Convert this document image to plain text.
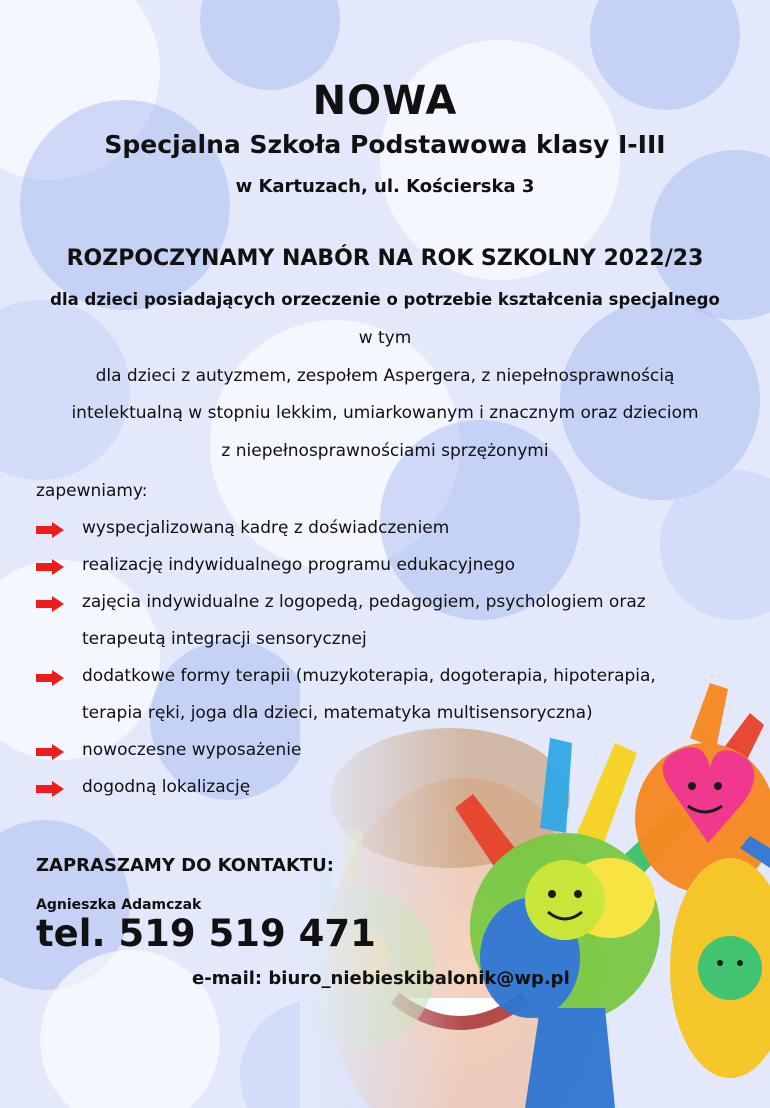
NOWA
Specjalna Szkoła Podstawowa klasy I-III
w Kartuzach, ul. Kościerska 3
ROZPOCZYNAMY NABÓR NA ROK SZKOLNY 2022/23
dla dzieci posiadających orzeczenie o potrzebie kształcenia specjalnego
w tym
dla dzieci z autyzmem, zespołem Aspergera, z niepełnosprawnością
intelektualną w stopniu lekkim, umiarkowanym i znacznym oraz dzieciom
z niepełnosprawnościami sprzężonymi
zapewniamy:
wyspecjalizowaną kadrę z doświadczeniem
realizację indywidualnego programu edukacyjnego
zajęcia indywidualne z logopedą, pedagogiem, psychologiem oraz
terapeutą integracji sensorycznej
dodatkowe formy terapii (muzykoterapia, dogoterapia, hipoterapia,
terapia ręki, joga dla dzieci, matematyka multisensoryczna)
nowoczesne wyposażenie
dogodną lokalizację
ZAPRASZAMY DO KONTAKTU:
Agnieszka Adamczak
tel. 519 519 471
e-mail: biuro_niebieskibalonik@wp.pl
